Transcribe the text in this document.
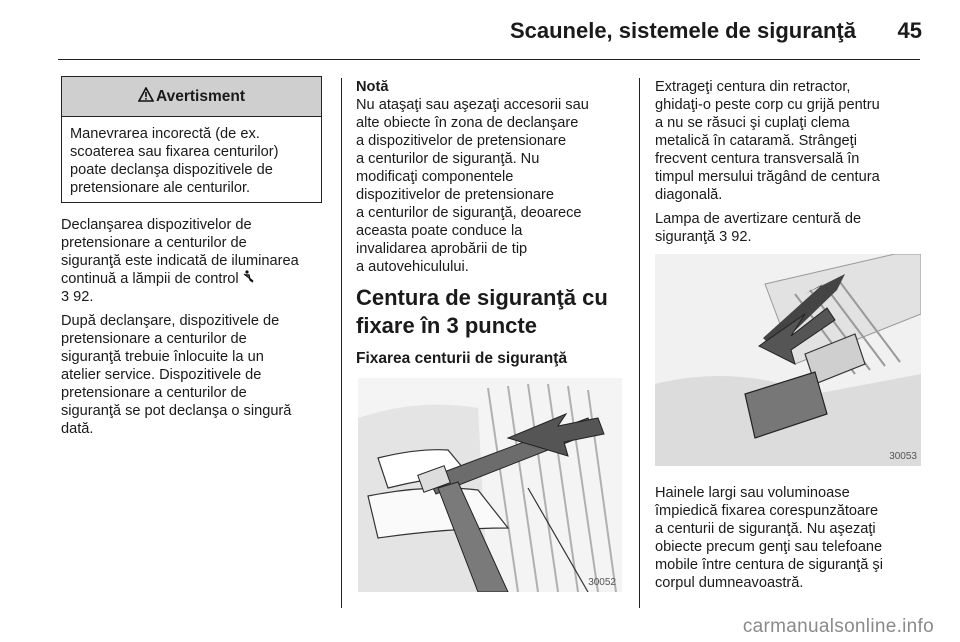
Scaunele, sistemele de siguranţă 45
Avertisment
Manevrarea incorectă (de ex.
scoaterea sau fixarea centurilor)
poate declanşa dispozitivele de
pretensionare ale centurilor.

Declanşarea dispozitivelor de
pretensionare a centurilor de
siguranţă este indicată de iluminarea
continuă a lămpii de control
3 92.

După declanşare, dispozitivele de
pretensionare a centurilor de
siguranţă trebuie înlocuite la un
atelier service. Dispozitivele de
pretensionare a centurilor de
siguranţă se pot declanşa o singură
dată.

Notă

Nu ataşaţi sau aşezaţi accesorii sau
alte obiecte în zona de declanşare
a dispozitivelor de pretensionare
a centurilor de siguranţă. Nu
modificaţi componentele
dispozitivelor de pretensionare
a centurilor de siguranţă, deoarece
aceasta poate conduce la
invalidarea aprobării de tip
a autovehiculului.

Centura de siguranţă cu
fixare în 3 puncte
Fixarea centurii de siguranţă
30052

Extrageţi centura din retractor,
ghidaţi-o peste corp cu grijă pentru
a nu se răsuci şi cuplaţi clema
metalică în cataramă. Strângeţi
frecvent centura transversală în
timpul mersului trăgând de centura
diagonală.

Lampa de avertizare centură de
siguranţă 3 92.

30053

Hainele largi sau voluminoase
împiedică fixarea corespunzătoare
a centurii de siguranţă. Nu aşezaţi
obiecte precum genţi sau telefoane
mobile între centura de siguranţă şi
corpul dumneavoastră.

carmanualsonline.info
